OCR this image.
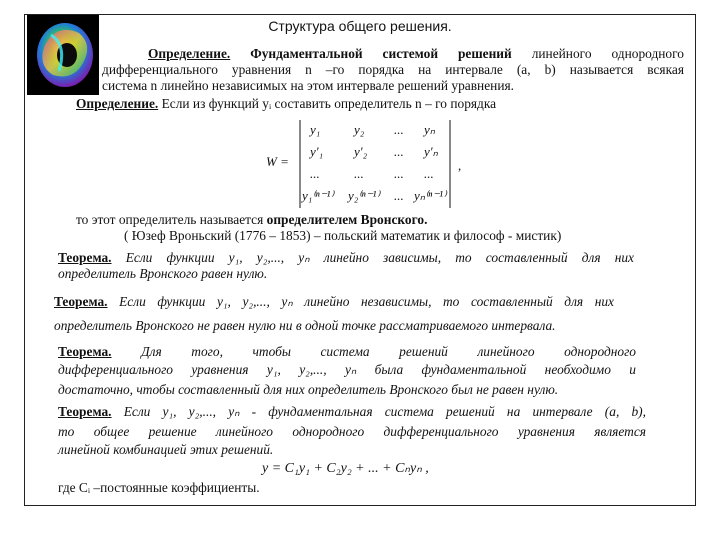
Структура общего решения.
Определение. Фундаментальной системой решений линейного однородного
дифференциального уравнения n –го порядка на интервале (a, b) называется всякая
система n линейно независимых на этом интервале решений уравнения.
Определение. Если из функций yᵢ составить определитель n – го порядка
W =
y₁	y₂ ... yₙ
y′₁ y′₂ ... y′ₙ
...	... ... ...
y₁⁽ⁿ⁻¹⁾ y₂⁽ⁿ⁻¹⁾ ... yₙ⁽ⁿ⁻¹⁾
,
то этот определитель называется определителем Вронского.
( Юзеф Вроньский (1776 – 1853) – польский математик и философ - мистик)
Теорема. Если функции y₁, y₂,..., yₙ линейно зависимы, то составленный для них
определитель Вронского равен нулю.
Теорема. Если функции y₁, y₂,..., yₙ линейно независимы, то составленный для них
определитель Вронского не равен нулю ни в одной точке рассматриваемого интервала.
Теорема. Для того, чтобы система решений линейного однородного
дифференциального уравнения y₁, y₂,..., yₙ была фундаментальной необходимо и
достаточно, чтобы составленный для них определитель Вронского был не равен нулю.
Теорема. Если y₁, y₂,..., yₙ - фундаментальная система решений на интервале (a, b),
то общее решение линейного однородного дифференциального уравнения является
линейной комбинацией этих решений.
y = C₁y₁ + C₂y₂ + ... + Cₙyₙ ,
где Cᵢ –постоянные коэффициенты.
